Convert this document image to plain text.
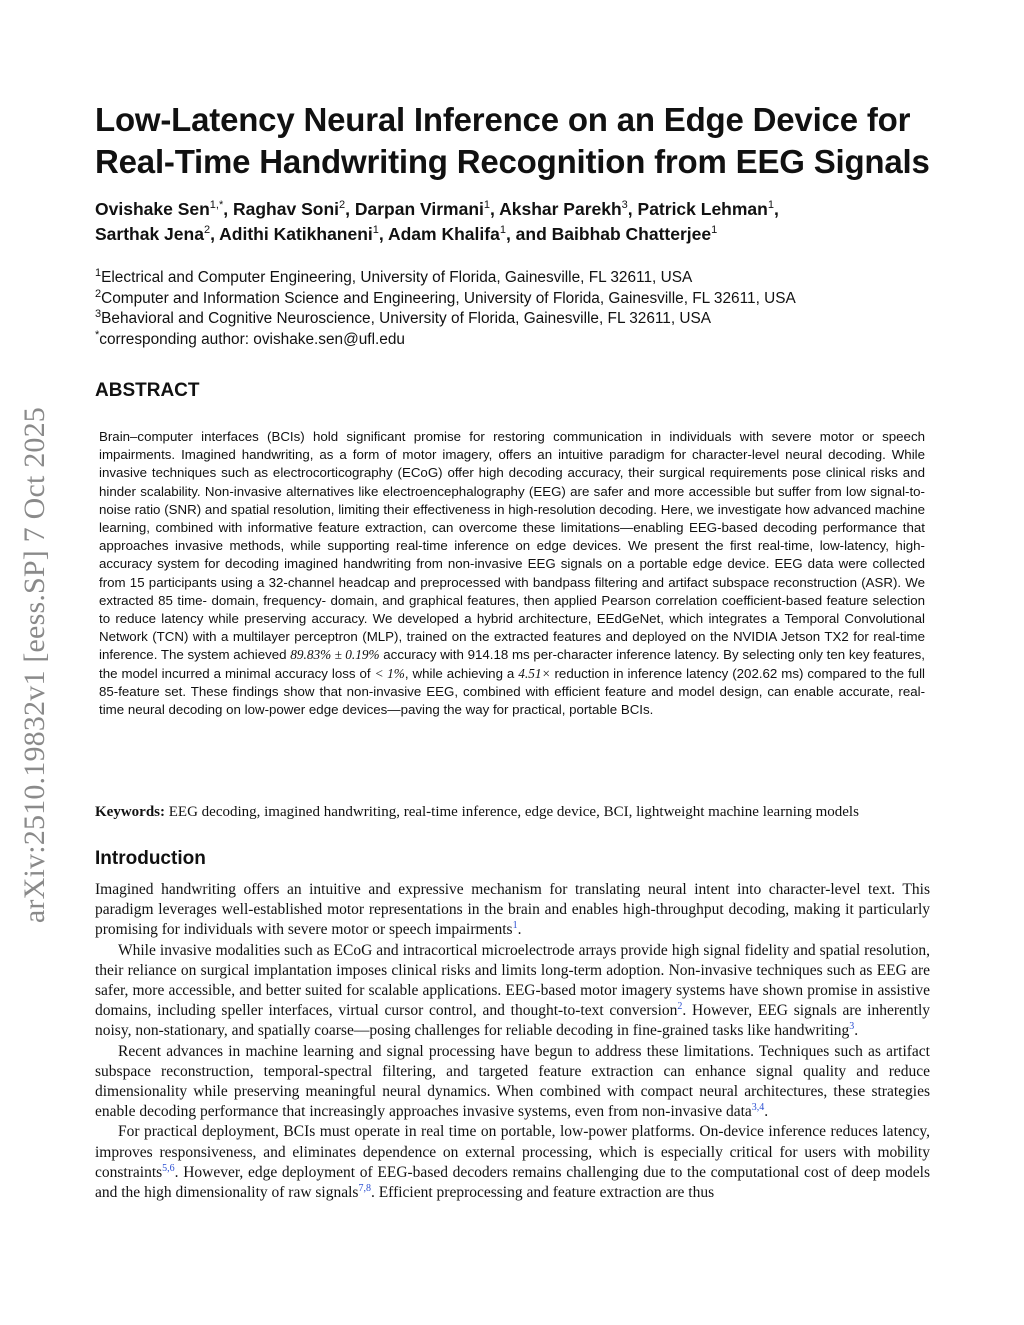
arXiv:2510.19832v1 [eess.SP] 7 Oct 2025
Low-Latency Neural Inference on an Edge Device for Real-Time Handwriting Recognition from EEG Signals
Ovishake Sen$^{1,*}$, Raghav Soni$^2$, Darpan Virmani$^1$, Akshar Parekh$^3$, Patrick Lehman$^1$,
Sarthak Jena$^2$, Adithi Katikhaneni$^1$, Adam Khalifa$^1$, and Baibhab Chatterjee$^1$
$^1$Electrical and Computer Engineering, University of Florida, Gainesville, FL 32611, USA
$^2$Computer and Information Science and Engineering, University of Florida, Gainesville, FL 32611, USA
$^3$Behavioral and Cognitive Neuroscience, University of Florida, Gainesville, FL 32611, USA
*corresponding author: ovishake.sen@ufl.edu
ABSTRACT

Brain–computer interfaces (BCIs) hold significant promise for restoring communication in individuals with severe motor or speech impairments. Imagined handwriting, as a form of motor imagery, offers an intuitive paradigm for character-level neural decoding. While invasive techniques such as electrocorticography (ECoG) offer high decoding accuracy, their surgical requirements pose clinical risks and hinder scalability. Non-invasive alternatives like electroencephalography (EEG) are safer and more accessible but suffer from low signal-to-noise ratio (SNR) and spatial resolution, limiting their effectiveness in high-resolution decoding. Here, we investigate how advanced machine learning, combined with informative feature extraction, can overcome these limitations—enabling EEG-based decoding performance that approaches invasive methods, while supporting real-time inference on edge devices. We present the first real-time, low-latency, high-accuracy system for decoding imagined handwriting from non-invasive EEG signals on a portable edge device. EEG data were collected from 15 participants using a 32-channel headcap and preprocessed with bandpass filtering and artifact subspace reconstruction (ASR). We extracted 85 time- domain, frequency- domain, and graphical features, then applied Pearson correlation coefficient-based feature selection to reduce latency while preserving accuracy. We developed a hybrid architecture, EEdGeNet, which integrates a Temporal Convolutional Network (TCN) with a multilayer perceptron (MLP), trained on the extracted features and deployed on the NVIDIA Jetson TX2 for real-time inference. The system achieved 89.83% ± 0.19% accuracy with 914.18 ms per-character inference latency. By selecting only ten key features, the model incurred a minimal accuracy loss of < 1%, while achieving a 4.51× reduction in inference latency (202.62 ms) compared to the full 85-feature set. These findings show that non-invasive EEG, combined with efficient feature and model design, can enable accurate, real-time neural decoding on low-power edge devices—paving the way for practical, portable BCIs.

Keywords: EEG decoding, imagined handwriting, real-time inference, edge device, BCI, lightweight machine learning models

Introduction

Imagined handwriting offers an intuitive and expressive mechanism for translating neural intent into character-level text. This paradigm leverages well-established motor representations in the brain and enables high-throughput decoding, making it particularly promising for individuals with severe motor or speech impairments$^1$.

While invasive modalities such as ECoG and intracortical microelectrode arrays provide high signal fidelity and spatial resolution, their reliance on surgical implantation imposes clinical risks and limits long-term adoption. Non-invasive techniques such as EEG are safer, more accessible, and better suited for scalable applications. EEG-based motor imagery systems have shown promise in assistive domains, including speller interfaces, virtual cursor control, and thought-to-text conversion$^2$. However, EEG signals are inherently noisy, non-stationary, and spatially coarse—posing challenges for reliable decoding in fine-grained tasks like handwriting$^3$.

Recent advances in machine learning and signal processing have begun to address these limitations. Techniques such as artifact subspace reconstruction, temporal-spectral filtering, and targeted feature extraction can enhance signal quality and reduce dimensionality while preserving meaningful neural dynamics. When combined with compact neural architectures, these strategies enable decoding performance that increasingly approaches invasive systems, even from non-invasive data$^{3,4}$.

For practical deployment, BCIs must operate in real time on portable, low-power platforms. On-device inference reduces latency, improves responsiveness, and eliminates dependence on external processing, which is especially critical for users with mobility constraints$^{5,6}$. However, edge deployment of EEG-based decoders remains challenging due to the computational cost of deep models and the high dimensionality of raw signals$^{7,8}$. Efficient preprocessing and feature extraction are thus
